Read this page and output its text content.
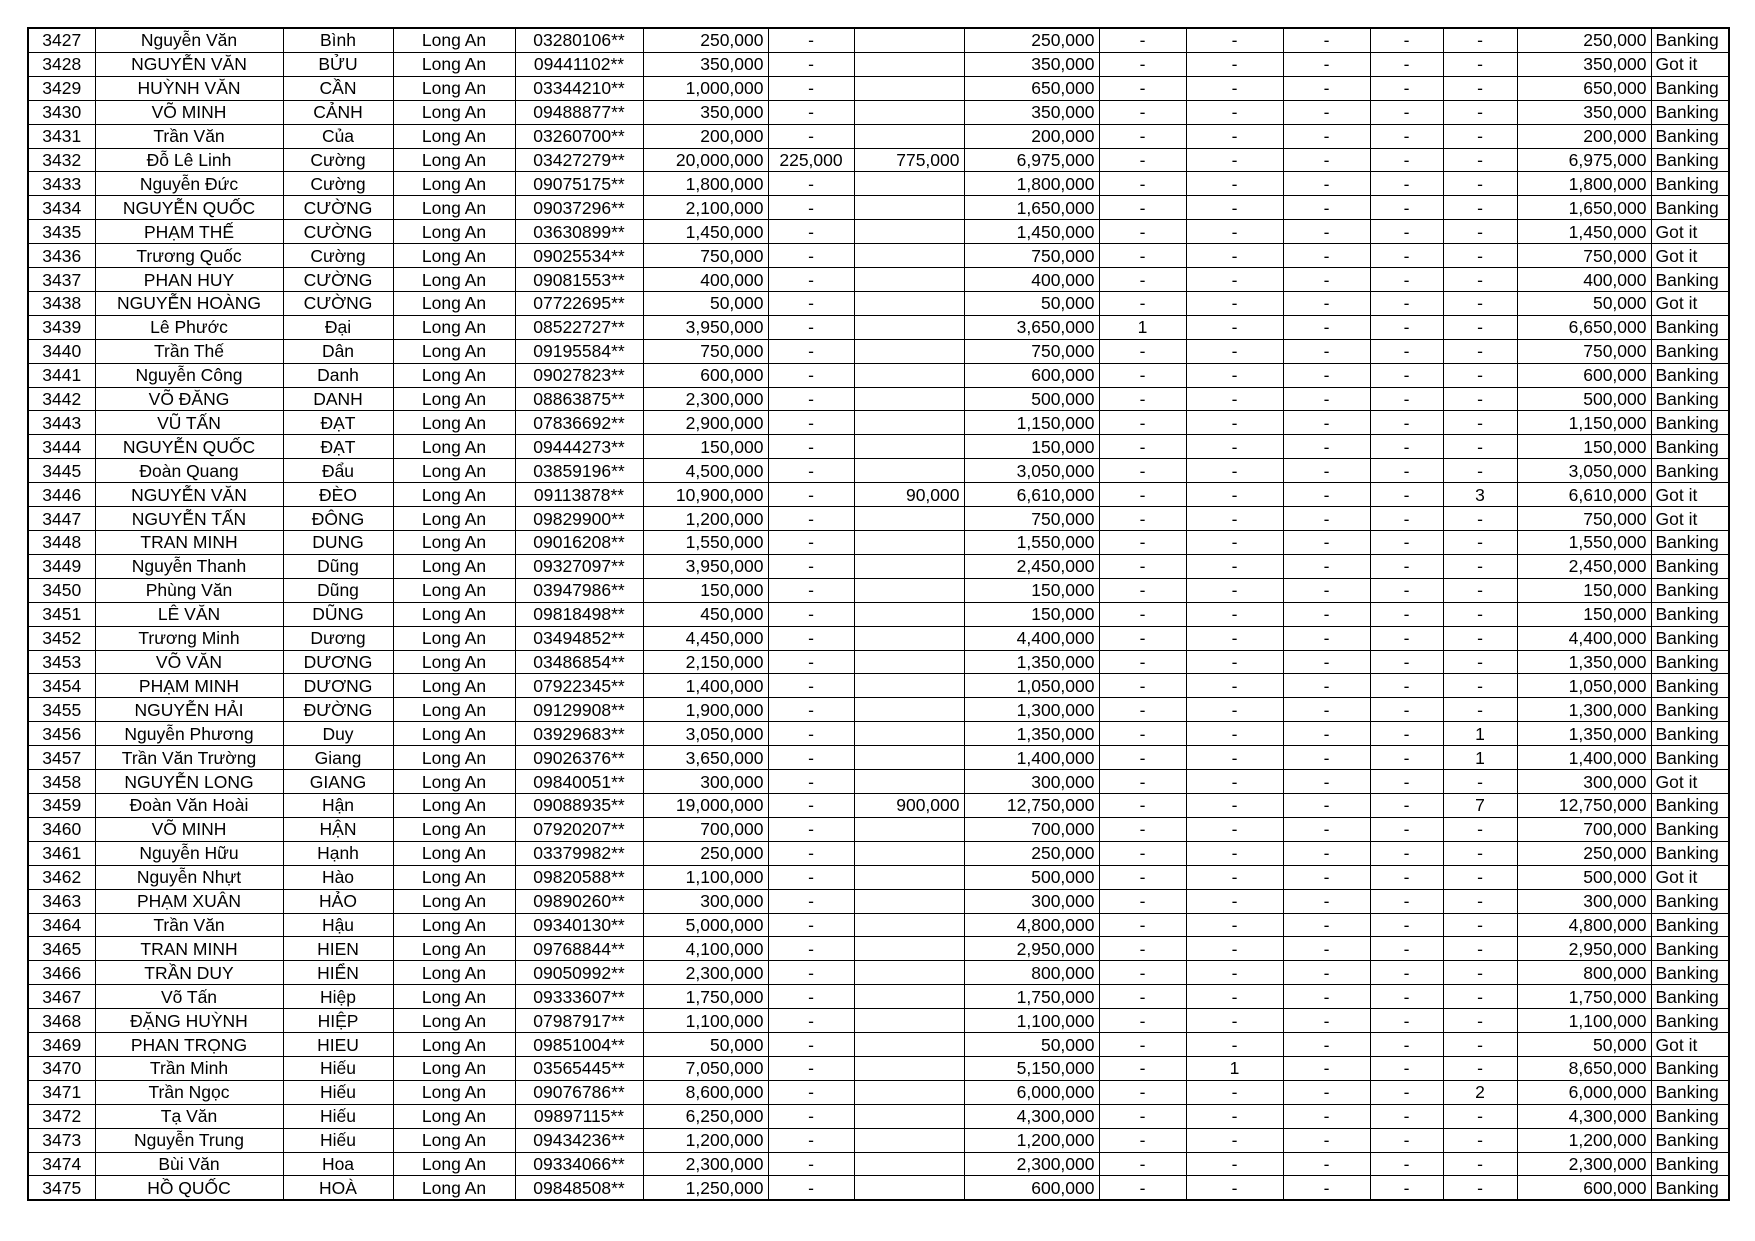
3427	Nguyễn Văn	Bình	Long An	03280106**	250,000	-		250,000	-	-	-	-	-	250,000	Banking
3428	NGUYỄN VĂN	BỬU	Long An	09441102**	350,000	-		350,000	-	-	-	-	-	350,000	Got it
3429	HUỲNH VĂN	CẦN	Long An	03344210**	1,000,000	-		650,000	-	-	-	-	-	650,000	Banking
3430	VÕ MINH	CẢNH	Long An	09488877**	350,000	-		350,000	-	-	-	-	-	350,000	Banking
3431	Trần Văn	Của	Long An	03260700**	200,000	-		200,000	-	-	-	-	-	200,000	Banking
3432	Đỗ Lê Linh	Cường	Long An	03427279**	20,000,000	225,000	775,000	6,975,000	-	-	-	-	-	6,975,000	Banking
3433	Nguyễn Đức	Cường	Long An	09075175**	1,800,000	-		1,800,000	-	-	-	-	-	1,800,000	Banking
3434	NGUYỄN QUỐC	CƯỜNG	Long An	09037296**	2,100,000	-		1,650,000	-	-	-	-	-	1,650,000	Banking
3435	PHẠM THẾ	CƯỜNG	Long An	03630899**	1,450,000	-		1,450,000	-	-	-	-	-	1,450,000	Got it
3436	Trương Quốc	Cường	Long An	09025534**	750,000	-		750,000	-	-	-	-	-	750,000	Got it
3437	PHAN HUY	CƯỜNG	Long An	09081553**	400,000	-		400,000	-	-	-	-	-	400,000	Banking
3438	NGUYỄN HOÀNG	CƯỜNG	Long An	07722695**	50,000	-		50,000	-	-	-	-	-	50,000	Got it
3439	Lê Phước	Đại	Long An	08522727**	3,950,000	-		3,650,000	1	-	-	-	-	6,650,000	Banking
3440	Trần Thế	Dân	Long An	09195584**	750,000	-		750,000	-	-	-	-	-	750,000	Banking
3441	Nguyễn Công	Danh	Long An	09027823**	600,000	-		600,000	-	-	-	-	-	600,000	Banking
3442	VÕ ĐĂNG	DANH	Long An	08863875**	2,300,000	-		500,000	-	-	-	-	-	500,000	Banking
3443	VŨ TẤN	ĐẠT	Long An	07836692**	2,900,000	-		1,150,000	-	-	-	-	-	1,150,000	Banking
3444	NGUYỄN QUỐC	ĐẠT	Long An	09444273**	150,000	-		150,000	-	-	-	-	-	150,000	Banking
3445	Đoàn Quang	Đẩu	Long An	03859196**	4,500,000	-		3,050,000	-	-	-	-	-	3,050,000	Banking
3446	NGUYỄN VĂN	ĐÈO	Long An	09113878**	10,900,000	-	90,000	6,610,000	-	-	-	-	3	6,610,000	Got it
3447	NGUYỄN TẤN	ĐÔNG	Long An	09829900**	1,200,000	-		750,000	-	-	-	-	-	750,000	Got it
3448	TRAN MINH	DUNG	Long An	09016208**	1,550,000	-		1,550,000	-	-	-	-	-	1,550,000	Banking
3449	Nguyễn Thanh	Dũng	Long An	09327097**	3,950,000	-		2,450,000	-	-	-	-	-	2,450,000	Banking
3450	Phùng Văn	Dũng	Long An	03947986**	150,000	-		150,000	-	-	-	-	-	150,000	Banking
3451	LÊ VĂN	DŨNG	Long An	09818498**	450,000	-		150,000	-	-	-	-	-	150,000	Banking
3452	Trương Minh	Dương	Long An	03494852**	4,450,000	-		4,400,000	-	-	-	-	-	4,400,000	Banking
3453	VÕ VĂN	DƯƠNG	Long An	03486854**	2,150,000	-		1,350,000	-	-	-	-	-	1,350,000	Banking
3454	PHẠM MINH	DƯƠNG	Long An	07922345**	1,400,000	-		1,050,000	-	-	-	-	-	1,050,000	Banking
3455	NGUYỄN HẢI	ĐƯỜNG	Long An	09129908**	1,900,000	-		1,300,000	-	-	-	-	-	1,300,000	Banking
3456	Nguyễn Phương	Duy	Long An	03929683**	3,050,000	-		1,350,000	-	-	-	-	1	1,350,000	Banking
3457	Trần Văn Trường	Giang	Long An	09026376**	3,650,000	-		1,400,000	-	-	-	-	1	1,400,000	Banking
3458	NGUYỄN LONG	GIANG	Long An	09840051**	300,000	-		300,000	-	-	-	-	-	300,000	Got it
3459	Đoàn Văn Hoài	Hận	Long An	09088935**	19,000,000	-	900,000	12,750,000	-	-	-	-	7	12,750,000	Banking
3460	VÕ MINH	HẬN	Long An	07920207**	700,000	-		700,000	-	-	-	-	-	700,000	Banking
3461	Nguyễn Hữu	Hạnh	Long An	03379982**	250,000	-		250,000	-	-	-	-	-	250,000	Banking
3462	Nguyễn Nhựt	Hào	Long An	09820588**	1,100,000	-		500,000	-	-	-	-	-	500,000	Got it
3463	PHẠM XUÂN	HẢO	Long An	09890260**	300,000	-		300,000	-	-	-	-	-	300,000	Banking
3464	Trần Văn	Hậu	Long An	09340130**	5,000,000	-		4,800,000	-	-	-	-	-	4,800,000	Banking
3465	TRAN MINH	HIEN	Long An	09768844**	4,100,000	-		2,950,000	-	-	-	-	-	2,950,000	Banking
3466	TRẦN DUY	HIỂN	Long An	09050992**	2,300,000	-		800,000	-	-	-	-	-	800,000	Banking
3467	Võ Tấn	Hiệp	Long An	09333607**	1,750,000	-		1,750,000	-	-	-	-	-	1,750,000	Banking
3468	ĐẶNG HUỲNH	HIỆP	Long An	07987917**	1,100,000	-		1,100,000	-	-	-	-	-	1,100,000	Banking
3469	PHAN TRỌNG	HIEU	Long An	09851004**	50,000	-		50,000	-	-	-	-	-	50,000	Got it
3470	Trần Minh	Hiếu	Long An	03565445**	7,050,000	-		5,150,000	-	1	-	-	-	8,650,000	Banking
3471	Trần Ngọc	Hiếu	Long An	09076786**	8,600,000	-		6,000,000	-	-	-	-	2	6,000,000	Banking
3472	Tạ Văn	Hiếu	Long An	09897115**	6,250,000	-		4,300,000	-	-	-	-	-	4,300,000	Banking
3473	Nguyễn Trung	Hiếu	Long An	09434236**	1,200,000	-		1,200,000	-	-	-	-	-	1,200,000	Banking
3474	Bùi Văn	Hoa	Long An	09334066**	2,300,000	-		2,300,000	-	-	-	-	-	2,300,000	Banking
3475	HỒ QUỐC	HOÀ	Long An	09848508**	1,250,000	-		600,000	-	-	-	-	-	600,000	Banking
